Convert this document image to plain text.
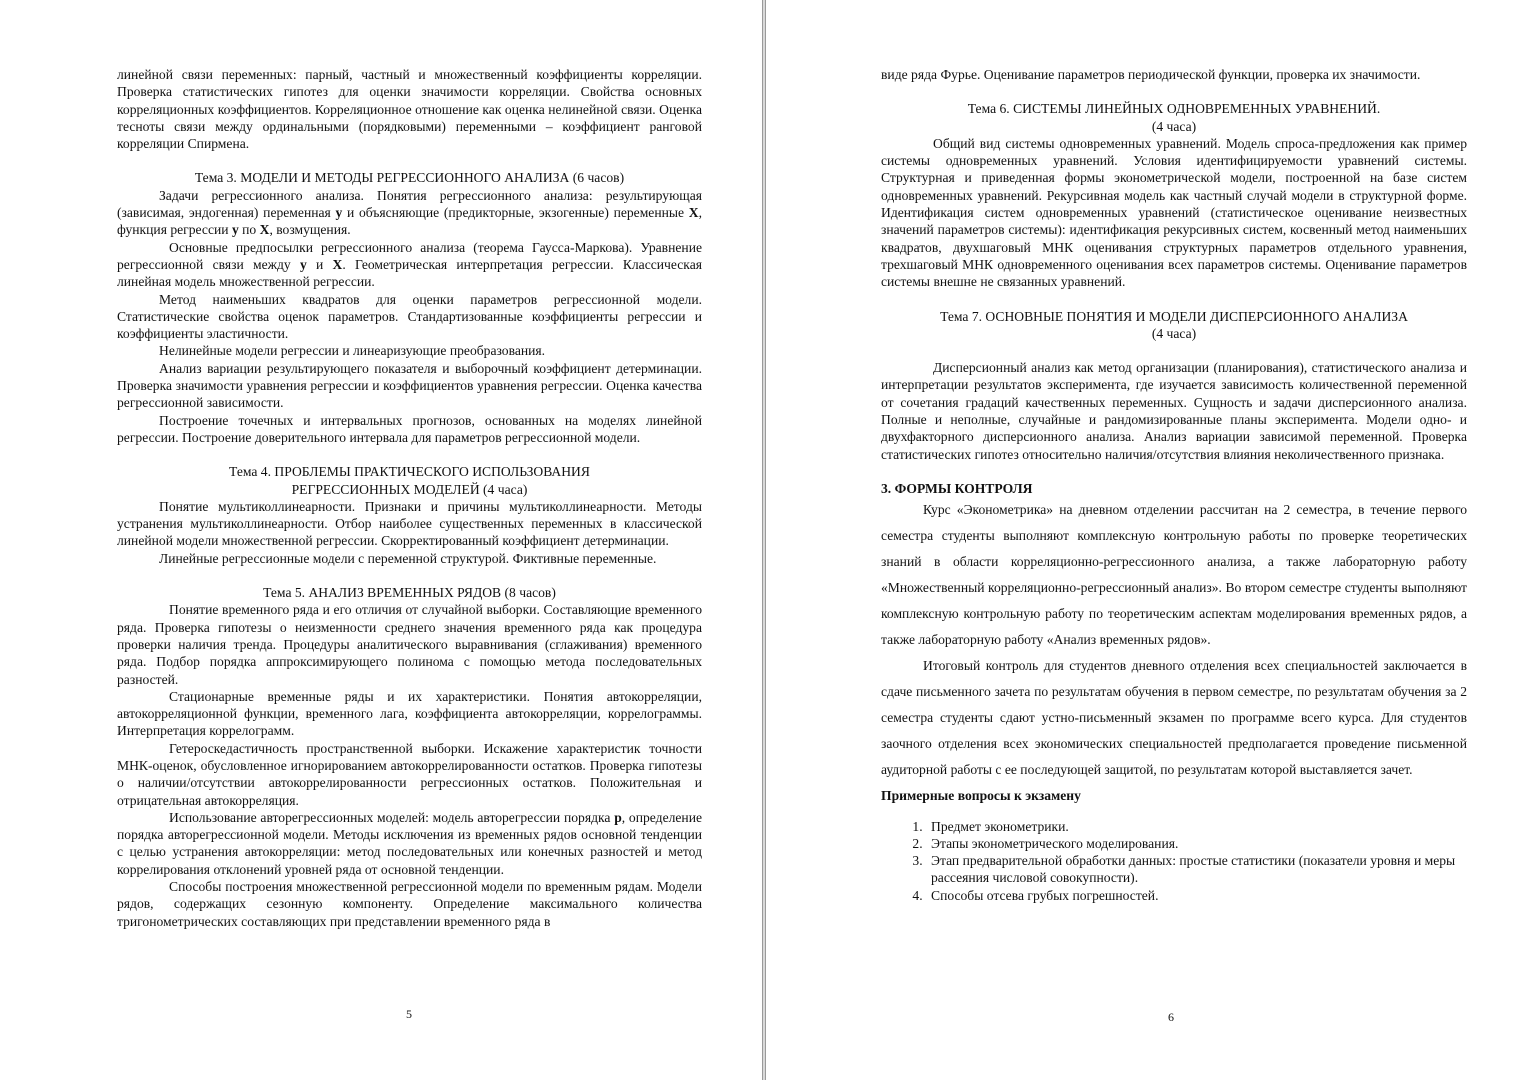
линейной связи переменных: парный, частный и множественный коэффициенты корреляции. Проверка статистических гипотез для оценки значимости корреляции. Свойства основных корреляционных коэффициентов. Корреляционное отношение как оценка нелинейной связи. Оценка тесноты связи между ординальными (порядковыми) переменными – коэффициент ранговой корреляции Спирмена.

Тема 3. МОДЕЛИ И МЕТОДЫ РЕГРЕССИОННОГО АНАЛИЗА (6 часов)

Задачи регрессионного анализа. Понятия регрессионного анализа: результирующая (зависимая, эндогенная) переменная y и объясняющие (предикторные, экзогенные) переменные X, функция регрессии y по X, возмущения.

Основные предпосылки регрессионного анализа (теорема Гаусса-Маркова). Уравнение регрессионной связи между y и X. Геометрическая интерпретация регрессии. Классическая линейная модель множественной регрессии.

Метод наименьших квадратов для оценки параметров регрессионной модели. Статистические свойства оценок параметров. Стандартизованные коэффициенты регрессии и коэффициенты эластичности.

Нелинейные модели регрессии и линеаризующие преобразования.

Анализ вариации результирующего показателя и выборочный коэффициент детерминации. Проверка значимости уравнения регрессии и коэффициентов уравнения регрессии. Оценка качества регрессионной зависимости.

Построение точечных и интервальных прогнозов, основанных на моделях линейной регрессии. Построение доверительного интервала для параметров регрессионной модели.

Тема 4. ПРОБЛЕМЫ ПРАКТИЧЕСКОГО ИСПОЛЬЗОВАНИЯ

РЕГРЕССИОННЫХ МОДЕЛЕЙ (4 часа)

Понятие мультиколлинеарности. Признаки и причины мультиколлинеарности. Методы устранения мультиколлинеарности. Отбор наиболее существенных переменных в классической линейной модели множественной регрессии. Скорректированный коэффициент детерминации.

Линейные регрессионные модели с переменной структурой. Фиктивные переменные.

Тема 5. АНАЛИЗ ВРЕМЕННЫХ РЯДОВ (8 часов)

Понятие временного ряда и его отличия от случайной выборки. Составляющие временного ряда. Проверка гипотезы о неизменности среднего значения временного ряда как процедура проверки наличия тренда. Процедуры аналитического выравнивания (сглаживания) временного ряда. Подбор порядка аппроксимирующего полинома с помощью метода последовательных разностей.

Стационарные временные ряды и их характеристики. Понятия автокорреляции, автокорреляционной функции, временного лага, коэффициента автокорреляции, коррелограммы. Интерпретация коррелограмм.

Гетероскедастичность пространственной выборки. Искажение характеристик точности МНК-оценок, обусловленное игнорированием автокоррелированности остатков. Проверка гипотезы о наличии/отсутствии автокоррелированности регрессионных остатков. Положительная и отрицательная автокорреляция.

Использование авторегрессионных моделей: модель авторегрессии порядка p, определение порядка авторегрессионной модели. Методы исключения из временных рядов основной тенденции с целью устранения автокорреляции: метод последовательных или конечных разностей и метод коррелирования отклонений уровней ряда от основной тенденции.

Способы построения множественной регрессионной модели по временным рядам. Модели рядов, содержащих сезонную компоненту. Определение максимального количества тригонометрических составляющих при представлении временного ряда в

5

виде ряда Фурье. Оценивание параметров периодической функции, проверка их значимости.

Тема 6. СИСТЕМЫ ЛИНЕЙНЫХ ОДНОВРЕМЕННЫХ УРАВНЕНИЙ.

(4 часа)

Общий вид системы одновременных уравнений. Модель спроса-предложения как пример системы одновременных уравнений. Условия идентифицируемости уравнений системы. Структурная и приведенная формы эконометрической модели, построенной на базе систем одновременных уравнений. Рекурсивная модель как частный случай модели в структурной форме. Идентификация систем одновременных уравнений (статистическое оценивание неизвестных значений параметров системы): идентификация рекурсивных систем, косвенный метод наименьших квадратов, двухшаговый МНК оценивания структурных параметров отдельного уравнения, трехшаговый МНК одновременного оценивания всех параметров системы. Оценивание параметров системы внешне не связанных уравнений.

Тема 7. ОСНОВНЫЕ ПОНЯТИЯ И МОДЕЛИ ДИСПЕРСИОННОГО АНАЛИЗА

(4 часа)

Дисперсионный анализ как метод организации (планирования), статистического анализа и интерпретации результатов эксперимента, где изучается зависимость количественной переменной от сочетания градаций качественных переменных. Сущность и задачи дисперсионного анализа. Полные и неполные, случайные и рандомизированные планы эксперимента. Модели одно- и двухфакторного дисперсионного анализа. Анализ вариации зависимой переменной. Проверка статистических гипотез относительно наличия/отсутствия влияния неколичественного признака.

3. ФОРМЫ КОНТРОЛЯ

Курс «Эконометрика» на дневном отделении рассчитан на 2 семестра, в течение первого семестра студенты выполняют комплексную контрольную работы по проверке теоретических знаний в области корреляционно-регрессионного анализа, а также лабораторную работу «Множественный корреляционно-регрессионный анализ». Во втором семестре студенты выполняют комплексную контрольную работу по теоретическим аспектам моделирования временных рядов, а также лабораторную работу «Анализ временных рядов».

Итоговый контроль для студентов дневного отделения всех специальностей заключается в сдаче письменного зачета по результатам обучения в первом семестре, по результатам обучения за 2 семестра студенты сдают устно-письменный экзамен по программе всего курса. Для студентов заочного отделения всех экономических специальностей предполагается проведение письменной аудиторной работы с ее последующей защитой, по результатам которой выставляется зачет.

Примерные вопросы к экзамену

1. Предмет эконометрики.
2. Этапы эконометрического моделирования.
3. Этап предварительной обработки данных: простые статистики (показатели уровня и меры рассеяния числовой совокупности).
4. Способы отсева грубых погрешностей.
6
